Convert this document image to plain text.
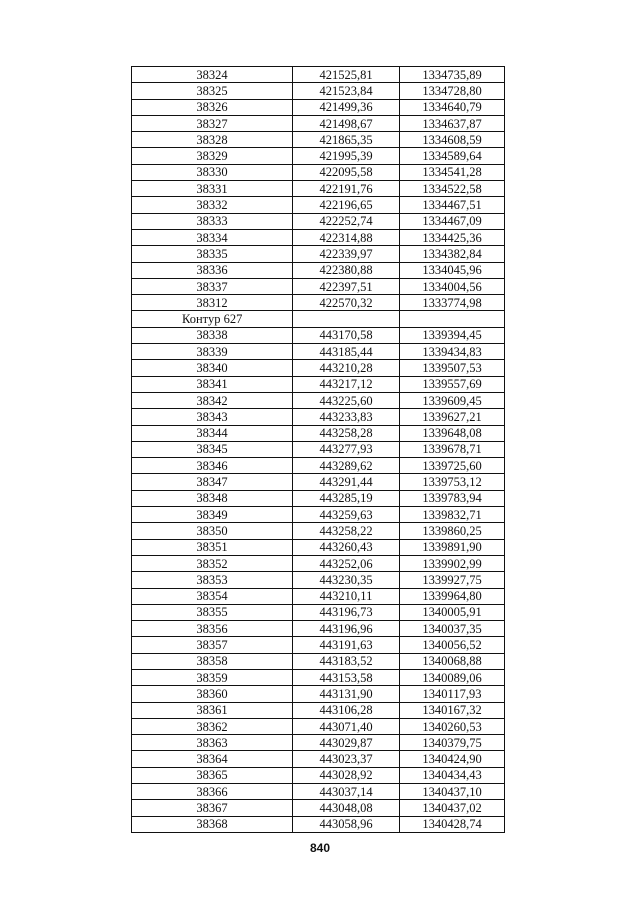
38324	421525,81	1334735,89
38325	421523,84	1334728,80
38326	421499,36	1334640,79
38327	421498,67	1334637,87
38328	421865,35	1334608,59
38329	421995,39	1334589,64
38330	422095,58	1334541,28
38331	422191,76	1334522,58
38332	422196,65	1334467,51
38333	422252,74	1334467,09
38334	422314,88	1334425,36
38335	422339,97	1334382,84
38336	422380,88	1334045,96
38337	422397,51	1334004,56
38312	422570,32	1333774,98
Контур 627		
38338	443170,58	1339394,45
38339	443185,44	1339434,83
38340	443210,28	1339507,53
38341	443217,12	1339557,69
38342	443225,60	1339609,45
38343	443233,83	1339627,21
38344	443258,28	1339648,08
38345	443277,93	1339678,71
38346	443289,62	1339725,60
38347	443291,44	1339753,12
38348	443285,19	1339783,94
38349	443259,63	1339832,71
38350	443258,22	1339860,25
38351	443260,43	1339891,90
38352	443252,06	1339902,99
38353	443230,35	1339927,75
38354	443210,11	1339964,80
38355	443196,73	1340005,91
38356	443196,96	1340037,35
38357	443191,63	1340056,52
38358	443183,52	1340068,88
38359	443153,58	1340089,06
38360	443131,90	1340117,93
38361	443106,28	1340167,32
38362	443071,40	1340260,53
38363	443029,87	1340379,75
38364	443023,37	1340424,90
38365	443028,92	1340434,43
38366	443037,14	1340437,10
38367	443048,08	1340437,02
38368	443058,96	1340428,74
840
